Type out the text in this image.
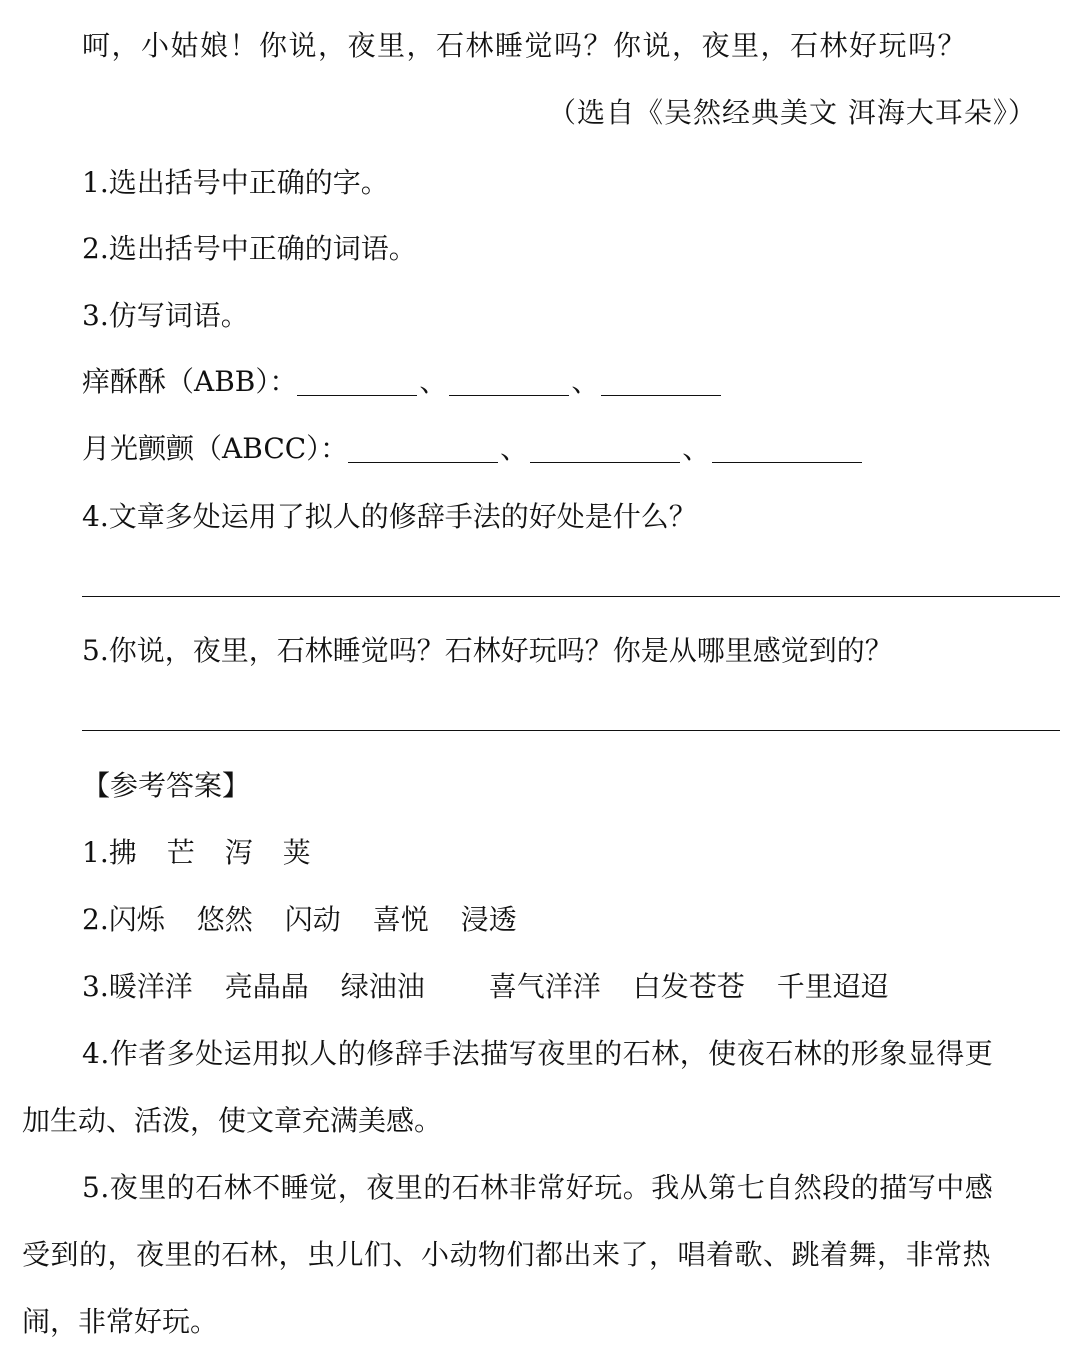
呵，小姑娘！你说，夜里，石林睡觉吗？你说，夜里，石林好玩吗？
（选自《吴然经典美文 洱海大耳朵》）
1.选出括号中正确的字。
2.选出括号中正确的词语。
3.仿写词语。
痒酥酥（ABB）：	、	、
月光颤颤（ABCC）：	、	、
4.文章多处运用了拟人的修辞手法的好处是什么？
5.你说，夜里，石林睡觉吗？石林好玩吗？你是从哪里感觉到的？
【参考答案】
1.拂 芒 泻 荚
2.闪烁 悠然 闪动 喜悦 浸透
3.暖洋洋 亮晶晶 绿油油 喜气洋洋 白发苍苍 千里迢迢
4.作者多处运用拟人的修辞手法描写夜里的石林，使夜石林的形象显得更
加生动、活泼，使文章充满美感。
5.夜里的石林不睡觉，夜里的石林非常好玩。我从第七自然段的描写中感
受到的，夜里的石林，虫儿们、小动物们都出来了，唱着歌、跳着舞，非常热
闹，非常好玩。
